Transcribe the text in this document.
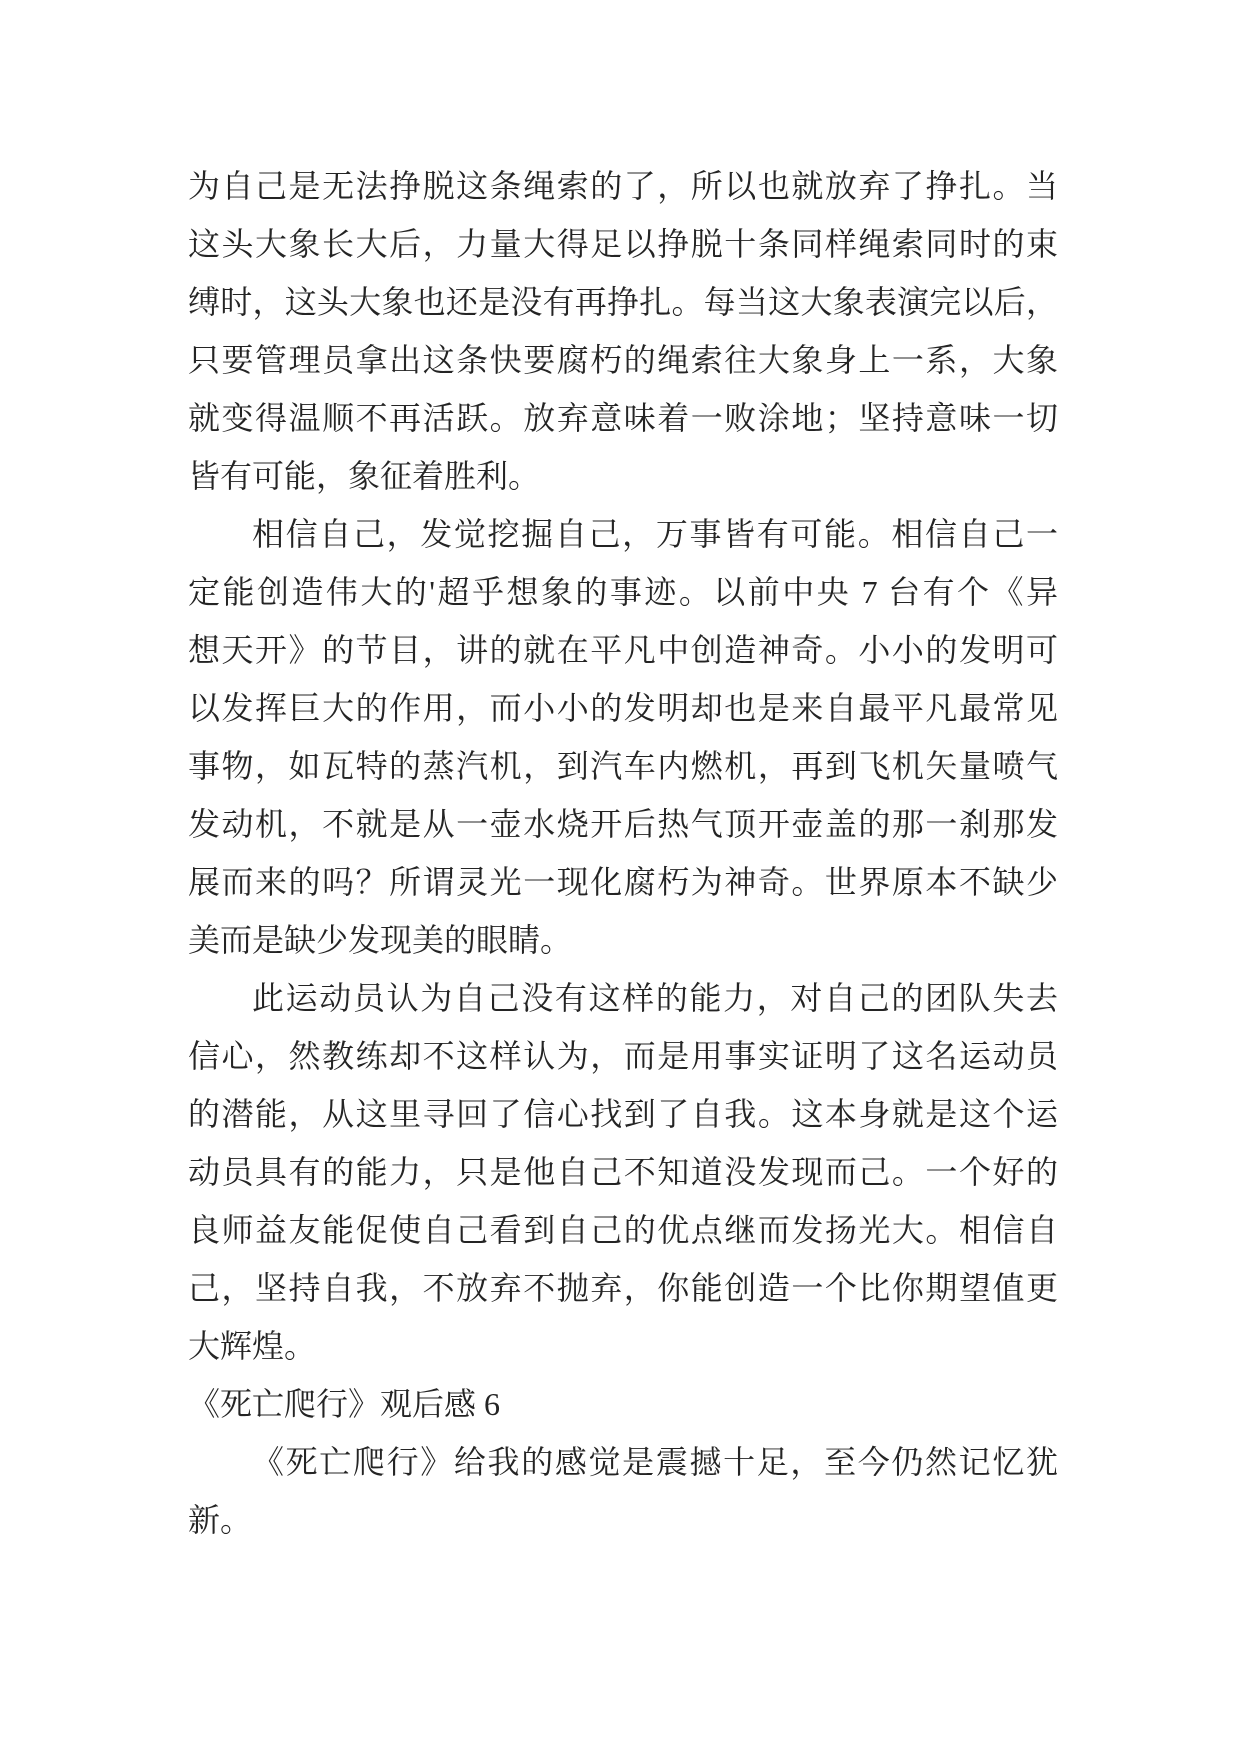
为自己是无法挣脱这条绳索的了，所以也就放弃了挣扎。当
这头大象长大后，力量大得足以挣脱十条同样绳索同时的束
缚时，这头大象也还是没有再挣扎。每当这大象表演完以后，
只要管理员拿出这条快要腐朽的绳索往大象身上一系，大象
就变得温顺不再活跃。放弃意味着一败涂地；坚持意味一切
皆有可能，象征着胜利。
相信自己，发觉挖掘自己，万事皆有可能。相信自己一
定能创造伟大的'超乎想象的事迹。以前中央 7 台有个《异
想天开》的节目，讲的就在平凡中创造神奇。小小的发明可
以发挥巨大的作用，而小小的发明却也是来自最平凡最常见
事物，如瓦特的蒸汽机，到汽车内燃机，再到飞机矢量喷气
发动机，不就是从一壶水烧开后热气顶开壶盖的那一刹那发
展而来的吗？所谓灵光一现化腐朽为神奇。世界原本不缺少
美而是缺少发现美的眼睛。
此运动员认为自己没有这样的能力，对自己的团队失去
信心，然教练却不这样认为，而是用事实证明了这名运动员
的潜能，从这里寻回了信心找到了自我。这本身就是这个运
动员具有的能力，只是他自己不知道没发现而己。一个好的
良师益友能促使自己看到自己的优点继而发扬光大。相信自
己，坚持自我，不放弃不抛弃，你能创造一个比你期望值更
大辉煌。
《死亡爬行》观后感 6
《死亡爬行》给我的感觉是震撼十足，至今仍然记忆犹
新。
